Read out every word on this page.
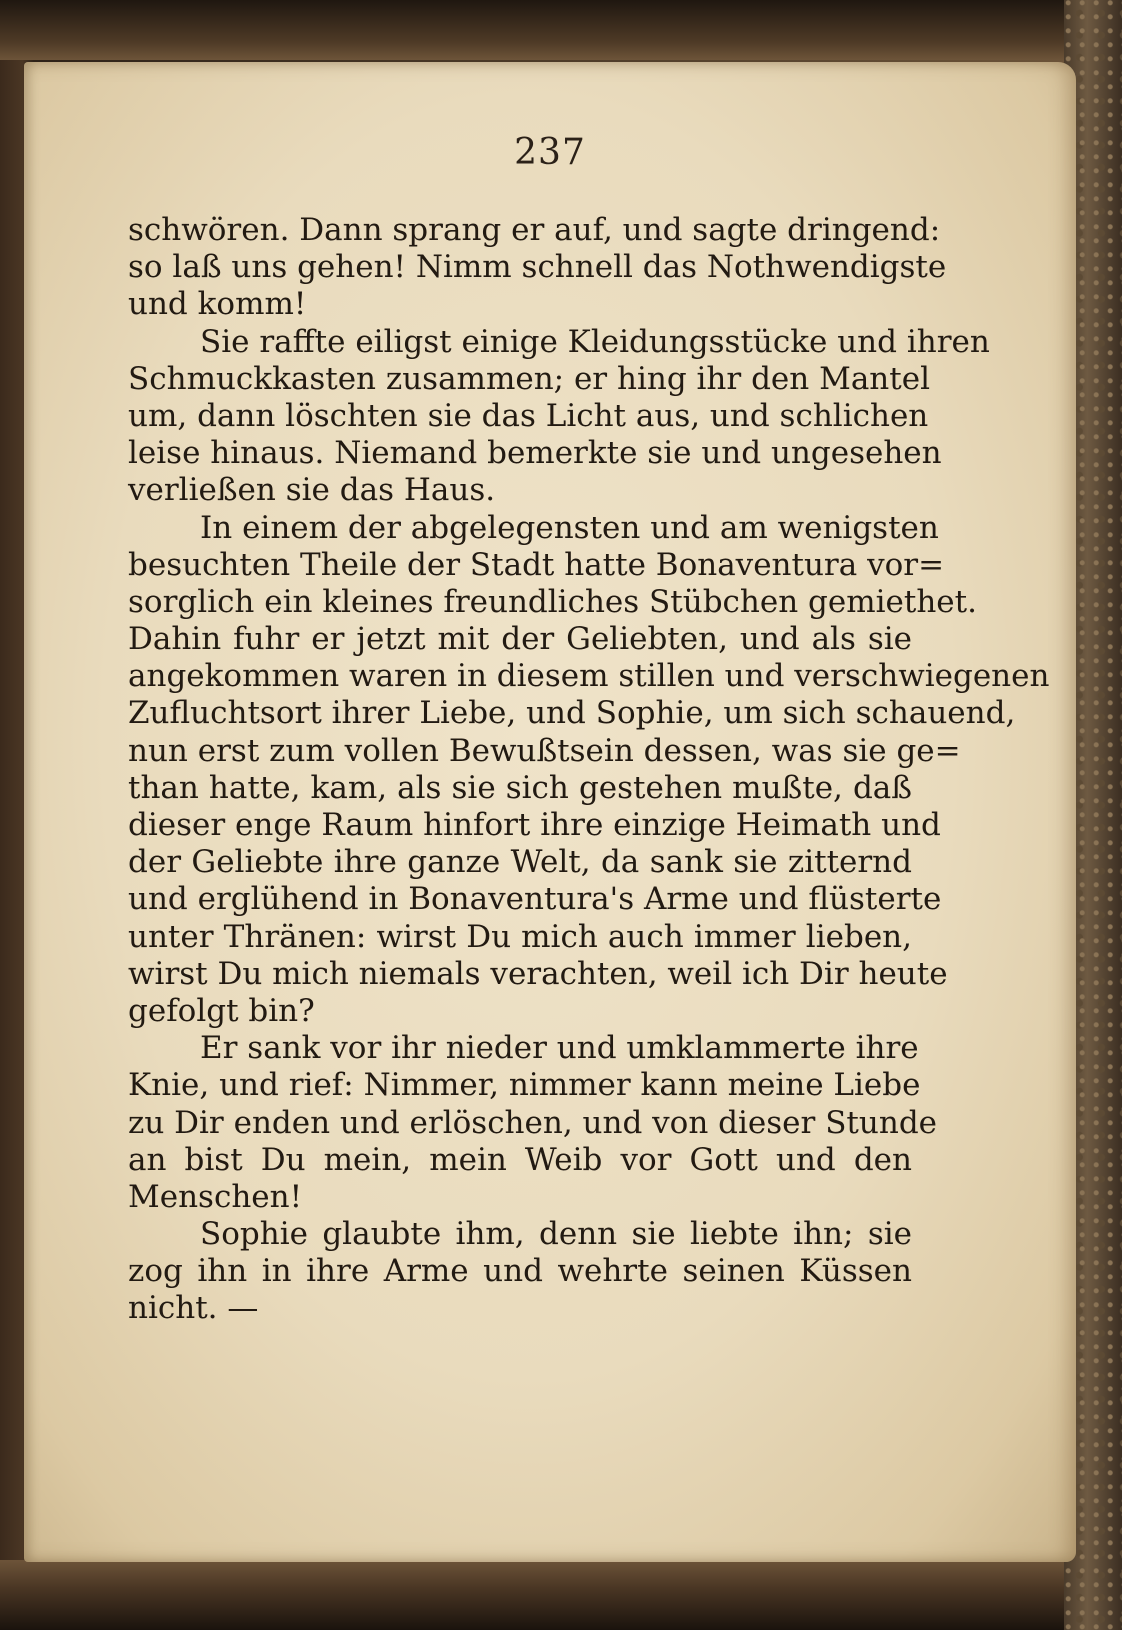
237
schwören. Dann sprang er auf, und sagte dringend:
so laß uns gehen! Nimm schnell das Nothwendigste
und komm!
Sie raffte eiligst einige Kleidungsstücke und ihren
Schmuckkasten zusammen; er hing ihr den Mantel
um, dann löschten sie das Licht aus, und schlichen
leise hinaus. Niemand bemerkte sie und ungesehen
verließen sie das Haus.
In einem der abgelegensten und am wenigsten
besuchten Theile der Stadt hatte Bonaventura vor=
sorglich ein kleines freundliches Stübchen gemiethet.
Dahin fuhr er jetzt mit der Geliebten, und als sie
angekommen waren in diesem stillen und verschwiegenen
Zufluchtsort ihrer Liebe, und Sophie, um sich schauend,
nun erst zum vollen Bewußtsein dessen, was sie ge=
than hatte, kam, als sie sich gestehen mußte, daß
dieser enge Raum hinfort ihre einzige Heimath und
der Geliebte ihre ganze Welt, da sank sie zitternd
und erglühend in Bonaventura's Arme und flüsterte
unter Thränen: wirst Du mich auch immer lieben,
wirst Du mich niemals verachten, weil ich Dir heute
gefolgt bin?
Er sank vor ihr nieder und umklammerte ihre
Knie, und rief: Nimmer, nimmer kann meine Liebe
zu Dir enden und erlöschen, und von dieser Stunde
an bist Du mein, mein Weib vor Gott und den
Menschen!
Sophie glaubte ihm, denn sie liebte ihn; sie
zog ihn in ihre Arme und wehrte seinen Küssen
nicht. —
